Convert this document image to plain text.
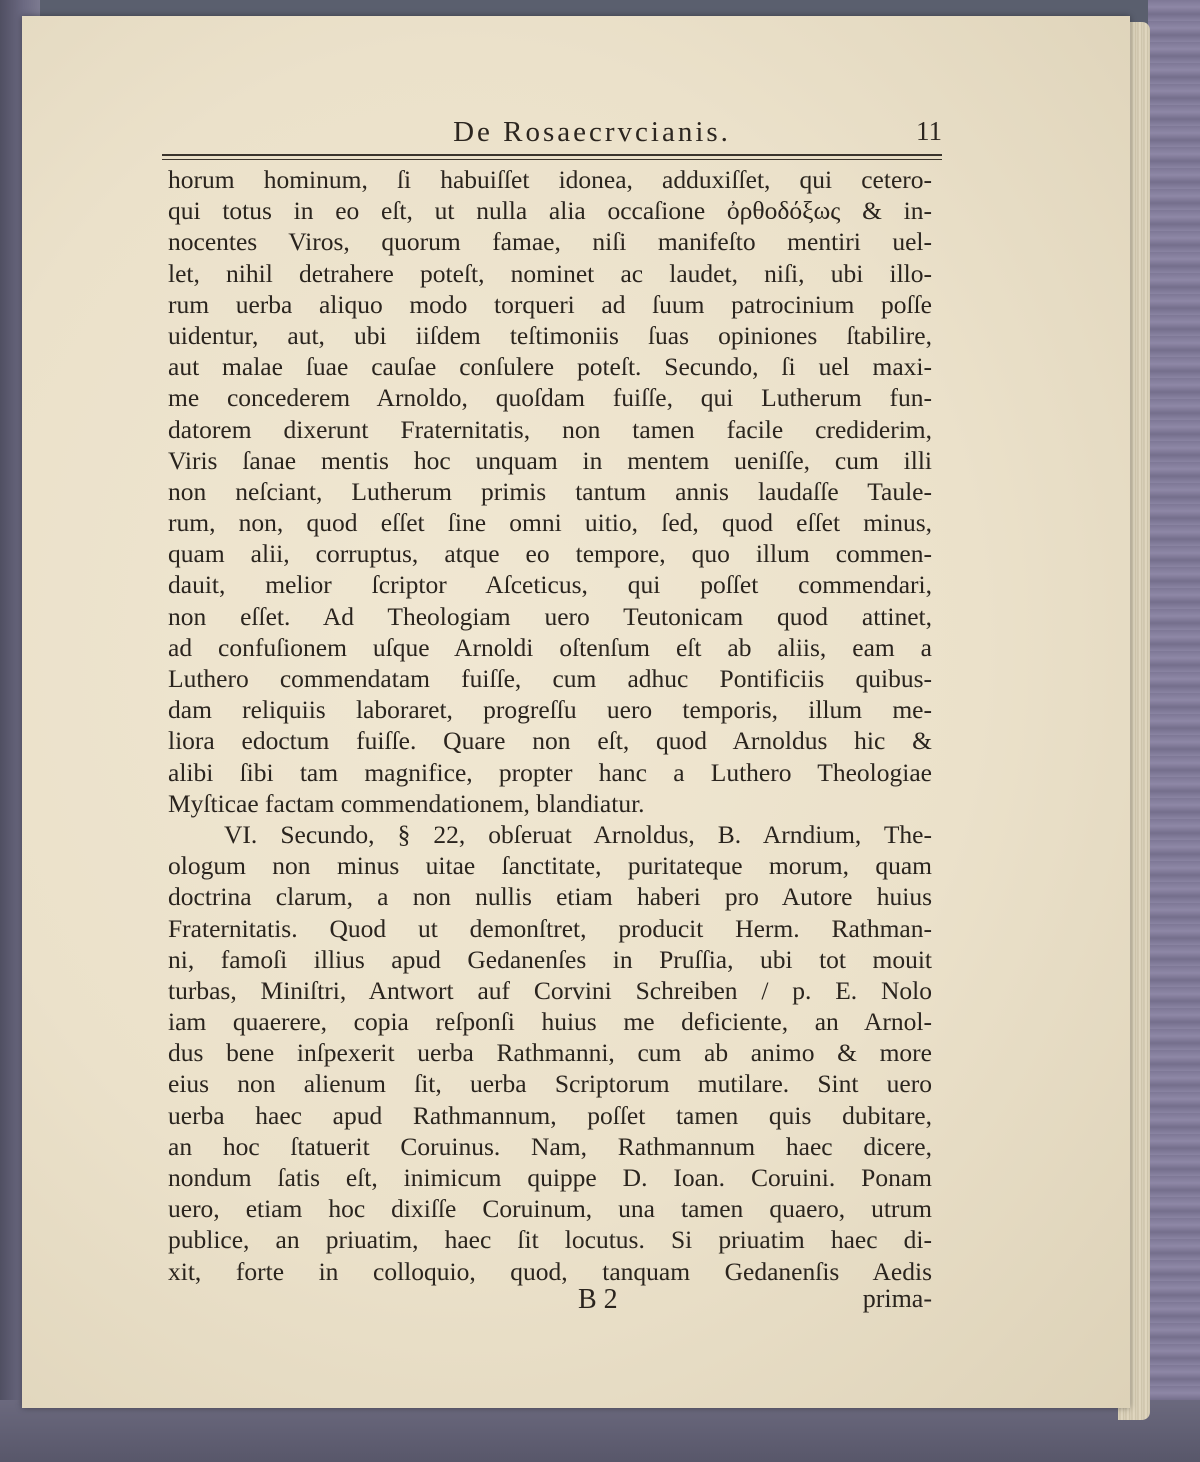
De Rosaecrvcianis.	11
horum hominum, ſi habuiſſet idonea, adduxiſſet, qui cetero-
qui totus in eo eſt, ut nulla alia occaſione ὀρθοδόξως & in-
nocentes Viros, quorum famae, niſi manifeſto mentiri uel-
let, nihil detrahere poteſt, nominet ac laudet, niſi, ubi illo-
rum uerba aliquo modo torqueri ad ſuum patrocinium poſſe
uidentur, aut, ubi iiſdem teſtimoniis ſuas opiniones ſtabilire,
aut malae ſuae cauſae conſulere poteſt. Secundo, ſi uel maxi-
me concederem Arnoldo, quoſdam fuiſſe, qui Lutherum fun-
datorem dixerunt Fraternitatis, non tamen facile crediderim,
Viris ſanae mentis hoc unquam in mentem ueniſſe, cum illi
non neſciant, Lutherum primis tantum annis laudaſſe Taule-
rum, non, quod eſſet ſine omni uitio, ſed, quod eſſet minus,
quam alii, corruptus, atque eo tempore, quo illum commen-
dauit, melior ſcriptor Aſceticus, qui poſſet commendari,
non eſſet. Ad Theologiam uero Teutonicam quod attinet,
ad confuſionem uſque Arnoldi oſtenſum eſt ab aliis, eam a
Luthero commendatam fuiſſe, cum adhuc Pontificiis quibus-
dam reliquiis laboraret, progreſſu uero temporis, illum me-
liora edoctum fuiſſe. Quare non eſt, quod Arnoldus hic &
alibi ſibi tam magnifice, propter hanc a Luthero Theologiae
Myſticae factam commendationem, blandiatur.
VI. Secundo, § 22, obſeruat Arnoldus, B. Arndium, The-
ologum non minus uitae ſanctitate, puritateque morum, quam
doctrina clarum, a non nullis etiam haberi pro Autore huius
Fraternitatis. Quod ut demonſtret, producit Herm. Rathman-
ni, famoſi illius apud Gedanenſes in Pruſſia, ubi tot mouit
turbas, Miniſtri, Antwort auf Corvini Schreiben / p. E. Nolo
iam quaerere, copia reſponſi huius me deficiente, an Arnol-
dus bene inſpexerit uerba Rathmanni, cum ab animo & more
eius non alienum ſit, uerba Scriptorum mutilare. Sint uero
uerba haec apud Rathmannum, poſſet tamen quis dubitare,
an hoc ſtatuerit Coruinus. Nam, Rathmannum haec dicere,
nondum ſatis eſt, inimicum quippe D. Ioan. Coruini. Ponam
uero, etiam hoc dixiſſe Coruinum, una tamen quaero, utrum
publice, an priuatim, haec ſit locutus. Si priuatim haec di-
xit, forte in colloquio, quod, tanquam Gedanenſis Aedis
B 2	prima-
